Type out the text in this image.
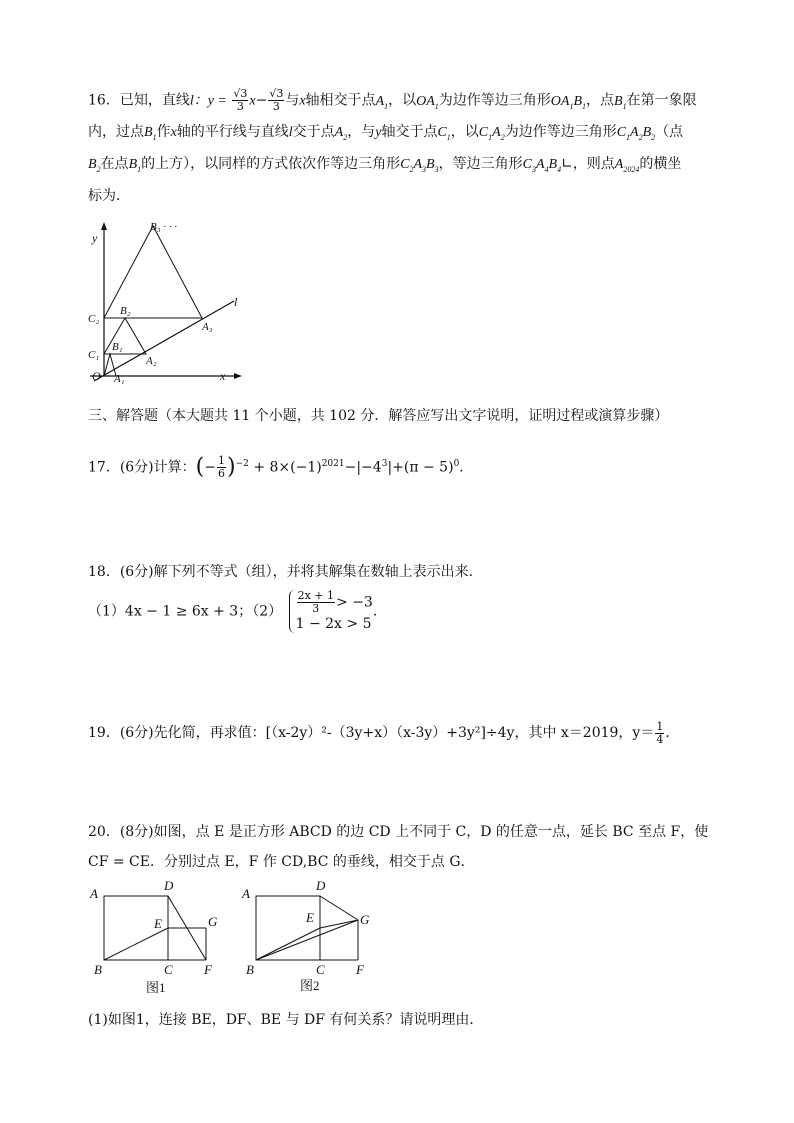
16．已知，直线l：$y = \frac{√3}{3} x- \frac{√3}{3}$ 与x轴相交于点$A_1$，以$OA_1$为边作等边三角形$OA_1B_1$，点$B_1$在第一象限
内，过点$B_1$作x轴的平行线与直线l交于点$A_2$，与y轴交于点$C_1$，以$C_1A_2$为边作等边三角形$C_1A_2B_2$（点
$B_2$在点$B_1$的上方），以同样的方式依次作等边三角形$C_2A_3B_3$，等边三角形$C_3A_4B_4∟$，则点$A_{2024}$的横坐
标为．
y
x
l
O A₁
A₂
A₃
B₁
B₂
B₃ · · ·
C₁
C₂
三、解答题（本大题共 11 个小题，共 102 分．解答应写出文字说明，证明过程或演算步骤）
17．(6分)计算：(− $\frac{1}{6} )^{-2} + 8\times(-1)^{2021}-|-4^3|+(\pi - 5)^0$．
18．(6分)解下列不等式（组），并将其解集在数轴上表示出来．
（1）4x − 1 ≥ 6x + 3；$(2) \frac{2x + 1}{3} > -3$
1 − 2x > 5
．
19．(6分)先化简，再求值：[（x-2y）²-（3y+x）（x-3y）+3y²]÷4y，其中 x＝2019，$y= \frac{1}{4}$ ．
20．(8分)如图，点 E 是正方形 ABCD 的边 CD 上不同于 C，D 的任意一点，延长 BC 至点 F，使
CF = CE．分别过点 E，F 作 CD,BC 的垂线，相交于点 G．
A
D
E	G
B	C F
图1
A
D
E	G
B	C F
图2
(1)如图1，连接 BE，DF、BE 与 DF 有何关系？请说明理由．
